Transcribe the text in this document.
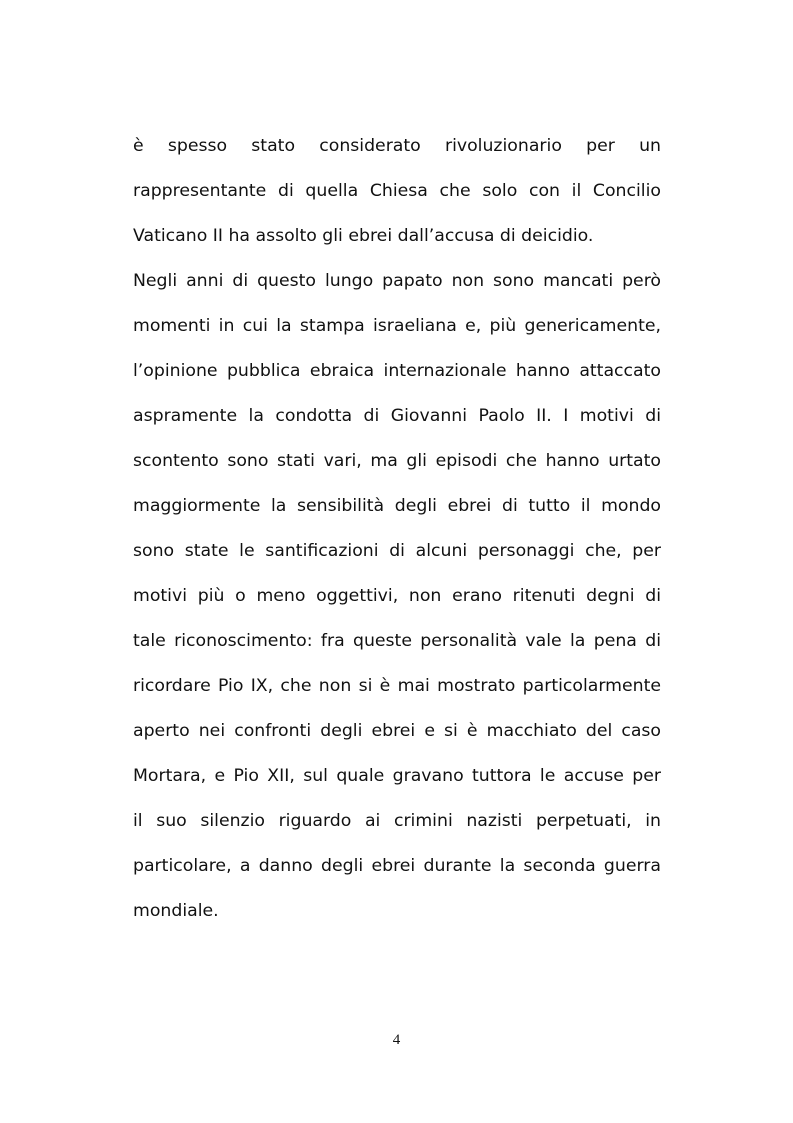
è spesso stato considerato rivoluzionario per un
rappresentante di quella Chiesa che solo con il Concilio
Vaticano II ha assolto gli ebrei dall’accusa di deicidio.
Negli anni di questo lungo papato non sono mancati però
momenti in cui la stampa israeliana e, più genericamente,
l’opinione pubblica ebraica internazionale hanno attaccato
aspramente la condotta di Giovanni Paolo II. I motivi di
scontento sono stati vari, ma gli episodi che hanno urtato
maggiormente la sensibilità degli ebrei di tutto il mondo
sono state le santificazioni di alcuni personaggi che, per
motivi più o meno oggettivi, non erano ritenuti degni di
tale riconoscimento: fra queste personalità vale la pena di
ricordare Pio IX, che non si è mai mostrato particolarmente
aperto nei confronti degli ebrei e si è macchiato del caso
Mortara, e Pio XII, sul quale gravano tuttora le accuse per
il suo silenzio riguardo ai crimini nazisti perpetuati, in
particolare, a danno degli ebrei durante la seconda guerra
mondiale.
4
